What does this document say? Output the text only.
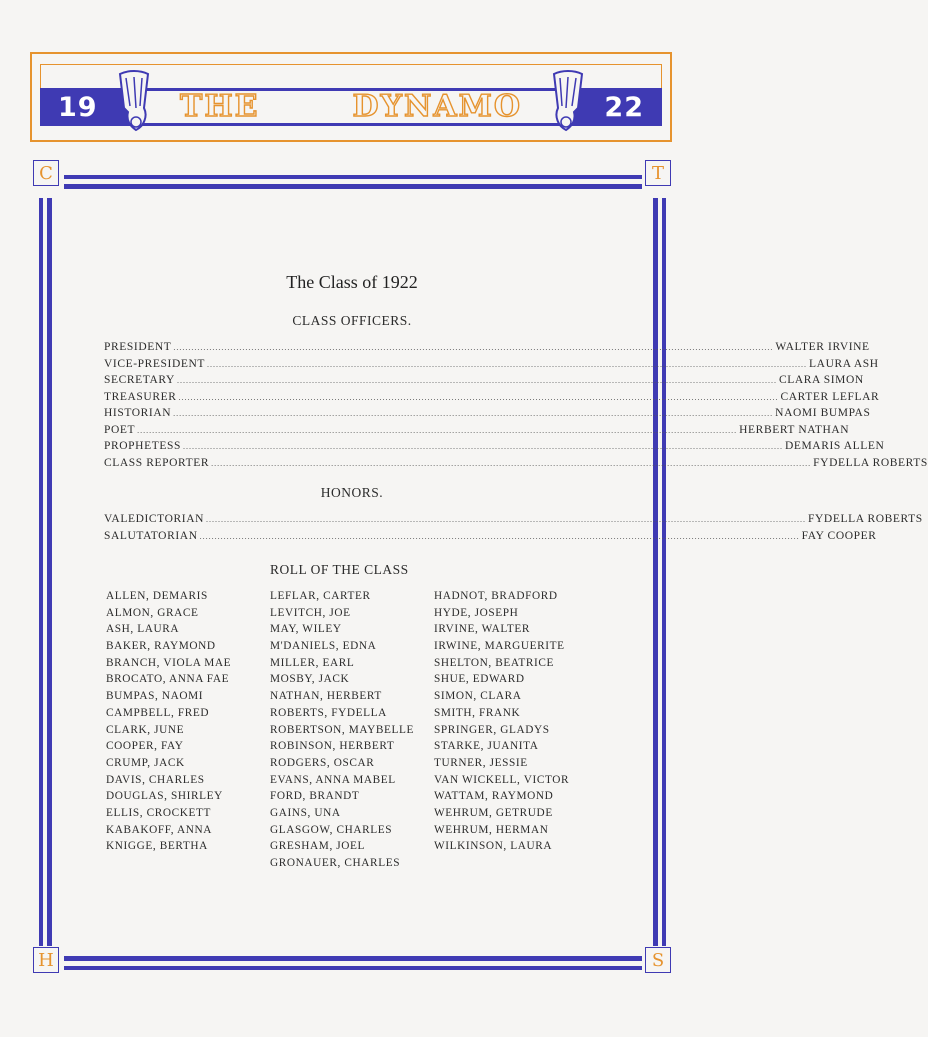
19	22
THE	DYNAMO
C	T
H	S
The Class of 1922
CLASS OFFICERS.
PRESIDENT ........................................................................................................................................................................................................ WALTER IRVINE
VICE-PRESIDENT ........................................................................................................................................................................................................ LAURA ASH
SECRETARY ........................................................................................................................................................................................................ CLARA SIMON
TREASURER ........................................................................................................................................................................................................ CARTER LEFLAR
HISTORIAN ........................................................................................................................................................................................................ NAOMI BUMPAS
POET ........................................................................................................................................................................................................ HERBERT NATHAN
PROPHETESS ........................................................................................................................................................................................................ DEMARIS ALLEN
CLASS REPORTER ........................................................................................................................................................................................................ FYDELLA ROBERTS
HONORS.
VALEDICTORIAN ........................................................................................................................................................................................................ FYDELLA ROBERTS
SALUTATORIAN ........................................................................................................................................................................................................ FAY COOPER
ROLL OF THE CLASS
ALLEN, DEMARIS
ALMON, GRACE
ASH, LAURA
BAKER, RAYMOND
BRANCH, VIOLA MAE
BROCATO, ANNA FAE
BUMPAS, NAOMI
CAMPBELL, FRED
CLARK, JUNE
COOPER, FAY
CRUMP, JACK
DAVIS, CHARLES
DOUGLAS, SHIRLEY
ELLIS, CROCKETT
KABAKOFF, ANNA
KNIGGE, BERTHA
LEFLAR, CARTER
LEVITCH, JOE
MAY, WILEY
M'DANIELS, EDNA
MILLER, EARL
MOSBY, JACK
NATHAN, HERBERT
ROBERTS, FYDELLA
ROBERTSON, MAYBELLE
ROBINSON, HERBERT
RODGERS, OSCAR
EVANS, ANNA MABEL
FORD, BRANDT
GAINS, UNA
GLASGOW, CHARLES
GRESHAM, JOEL
GRONAUER, CHARLES
HADNOT, BRADFORD
HYDE, JOSEPH
IRVINE, WALTER
IRWINE, MARGUERITE
SHELTON, BEATRICE
SHUE, EDWARD
SIMON, CLARA
SMITH, FRANK
SPRINGER, GLADYS
STARKE, JUANITA
TURNER, JESSIE
VAN WICKELL, VICTOR
WATTAM, RAYMOND
WEHRUM, GETRUDE
WEHRUM, HERMAN
WILKINSON, LAURA
